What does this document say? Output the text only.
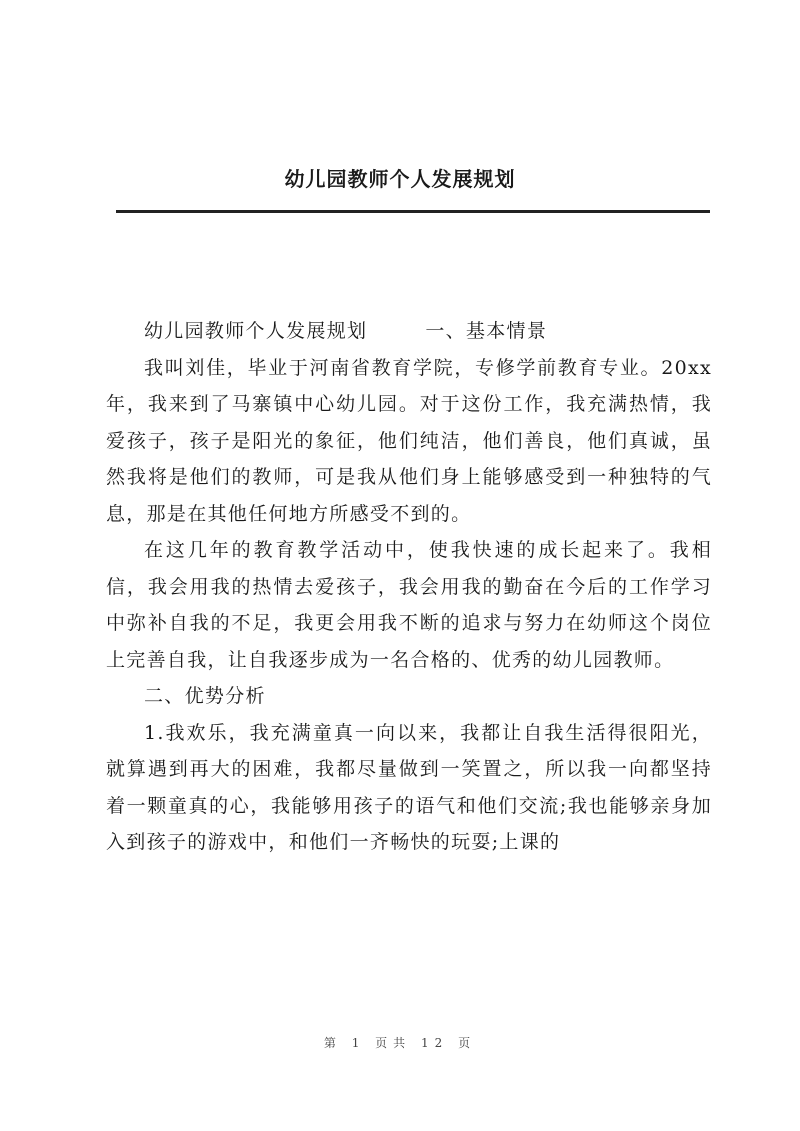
幼儿园教师个人发展规划

幼儿园教师个人发展规划	一、基本情景

我叫刘佳，毕业于河南省教育学院，专修学前教育专业。20xx年，我来到了马寨镇中心幼儿园。对于这份工作，我充满热情，我爱孩子，孩子是阳光的象征，他们纯洁，他们善良，他们真诚，虽然我将是他们的教师，可是我从他们身上能够感受到一种独特的气息，那是在其他任何地方所感受不到的。

在这几年的教育教学活动中，使我快速的成长起来了。我相信，我会用我的热情去爱孩子，我会用我的勤奋在今后的工作学习中弥补自我的不足，我更会用我不断的追求与努力在幼师这个岗位上完善自我，让自我逐步成为一名合格的、优秀的幼儿园教师。

二、优势分析

1.我欢乐，我充满童真一向以来，我都让自我生活得很阳光，就算遇到再大的困难，我都尽量做到一笑置之，所以我一向都坚持着一颗童真的心，我能够用孩子的语气和他们交流;我也能够亲身加入到孩子的游戏中，和他们一齐畅快的玩耍;上课的

第 1 页共 12 页
